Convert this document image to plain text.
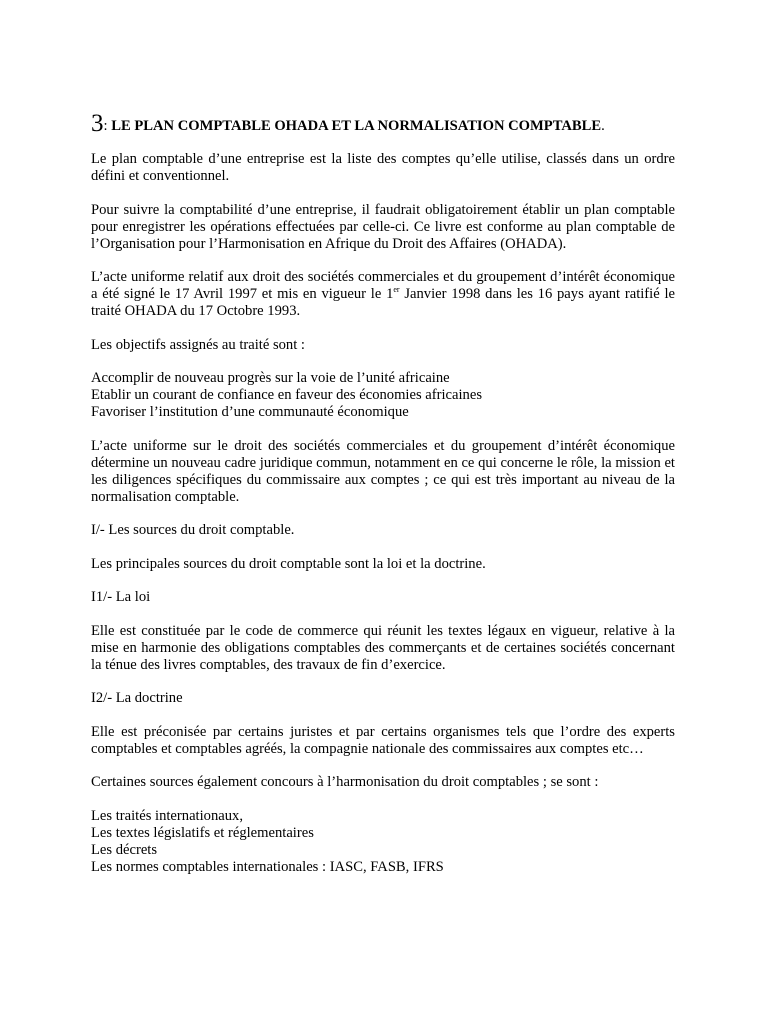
3: LE PLAN COMPTABLE OHADA ET LA NORMALISATION COMPTABLE.

Le plan comptable d’une entreprise est la liste des comptes qu’elle utilise, classés dans un ordre défini et conventionnel.

Pour suivre la comptabilité d’une entreprise, il faudrait obligatoirement établir un plan comptable pour enregistrer les opérations effectuées par celle-ci. Ce livre est conforme au plan comptable de l’Organisation pour l’Harmonisation en Afrique du Droit des Affaires (OHADA).

L’acte uniforme relatif aux droit des sociétés commerciales et du groupement d’intérêt économique a été signé le 17 Avril 1997 et mis en vigueur le 1er Janvier 1998 dans les 16 pays ayant ratifié le traité OHADA du 17 Octobre 1993.

Les objectifs assignés au traité sont :

Accomplir de nouveau progrès sur la voie de l’unité africaine
Etablir un courant de confiance en faveur des économies africaines
Favoriser l’institution d’une communauté économique

L’acte uniforme sur le droit des sociétés commerciales et du groupement d’intérêt économique détermine un nouveau cadre juridique commun, notamment en ce qui concerne le rôle, la mission et les diligences spécifiques du commissaire aux comptes ; ce qui est très important au niveau de la normalisation comptable.

I/- Les sources du droit comptable.

Les principales sources du droit comptable sont la loi et la doctrine.

I1/- La loi

Elle est constituée par le code de commerce qui réunit les textes légaux en vigueur, relative à la mise en harmonie des obligations comptables des commerçants et de certaines sociétés concernant la ténue des livres comptables, des travaux de fin d’exercice.

I2/- La doctrine

Elle est préconisée par certains juristes et par certains organismes tels que l’ordre des experts comptables et comptables agréés, la compagnie nationale des commissaires aux comptes etc…

Certaines sources également concours à l’harmonisation du droit comptables ; se sont :

Les traités internationaux,
Les textes législatifs et réglementaires
Les décrets
Les normes comptables internationales : IASC, FASB, IFRS
